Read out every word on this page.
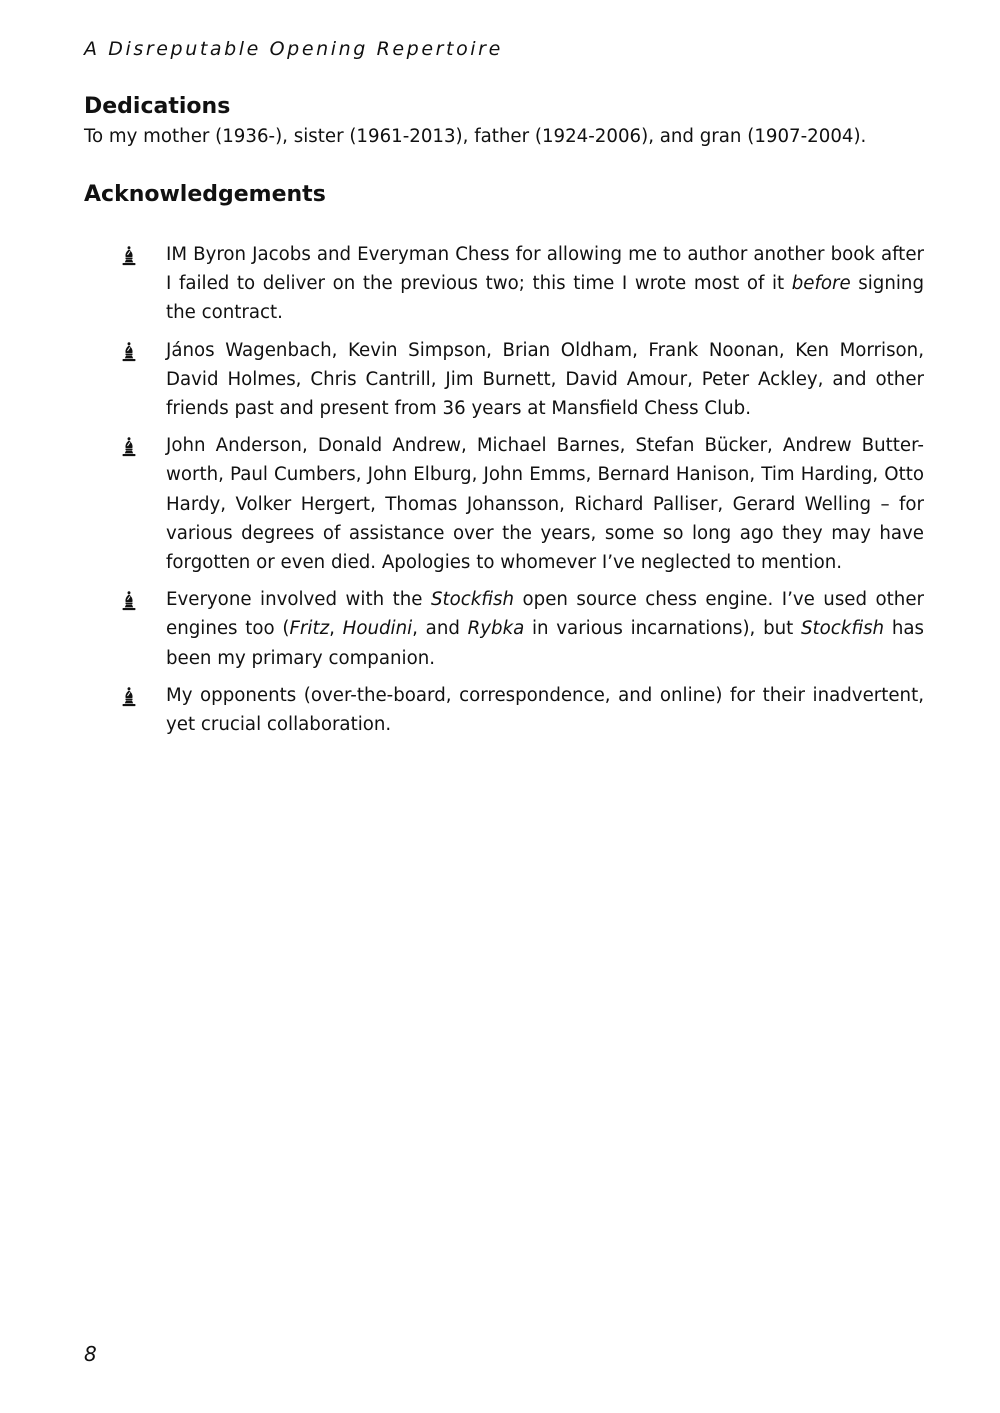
A Disreputable Opening Repertoire
Dedications

To my mother (1936-), sister (1961-2013), father (1924-2006), and gran (1907-2004).

Acknowledgements
IM Byron Jacobs and Everyman Chess for allowing me to author another book after I failed to deliver on the previous two; this time I wrote most of it before signing the contract.
János Wagenbach, Kevin Simpson, Brian Oldham, Frank Noonan, Ken Morrison, David Holmes, Chris Cantrill, Jim Burnett, David Amour, Peter Ackley, and other friends past and present from 36 years at Mansfield Chess Club.
John Anderson, Donald Andrew, Michael Barnes, Stefan Bücker, Andrew Butter-worth, Paul Cumbers, John Elburg, John Emms, Bernard Hanison, Tim Harding, Otto Hardy, Volker Hergert, Thomas Johansson, Richard Palliser, Gerard Welling – for various degrees of assistance over the years, some so long ago they may have forgotten or even died. Apologies to whomever I’ve neglected to mention.
Everyone involved with the Stockfish open source chess engine. I’ve used other engines too (Fritz, Houdini, and Rybka in various incarnations), but Stockfish has been my primary companion.
My opponents (over-the-board, correspondence, and online) for their inadvertent, yet crucial collaboration.
8
